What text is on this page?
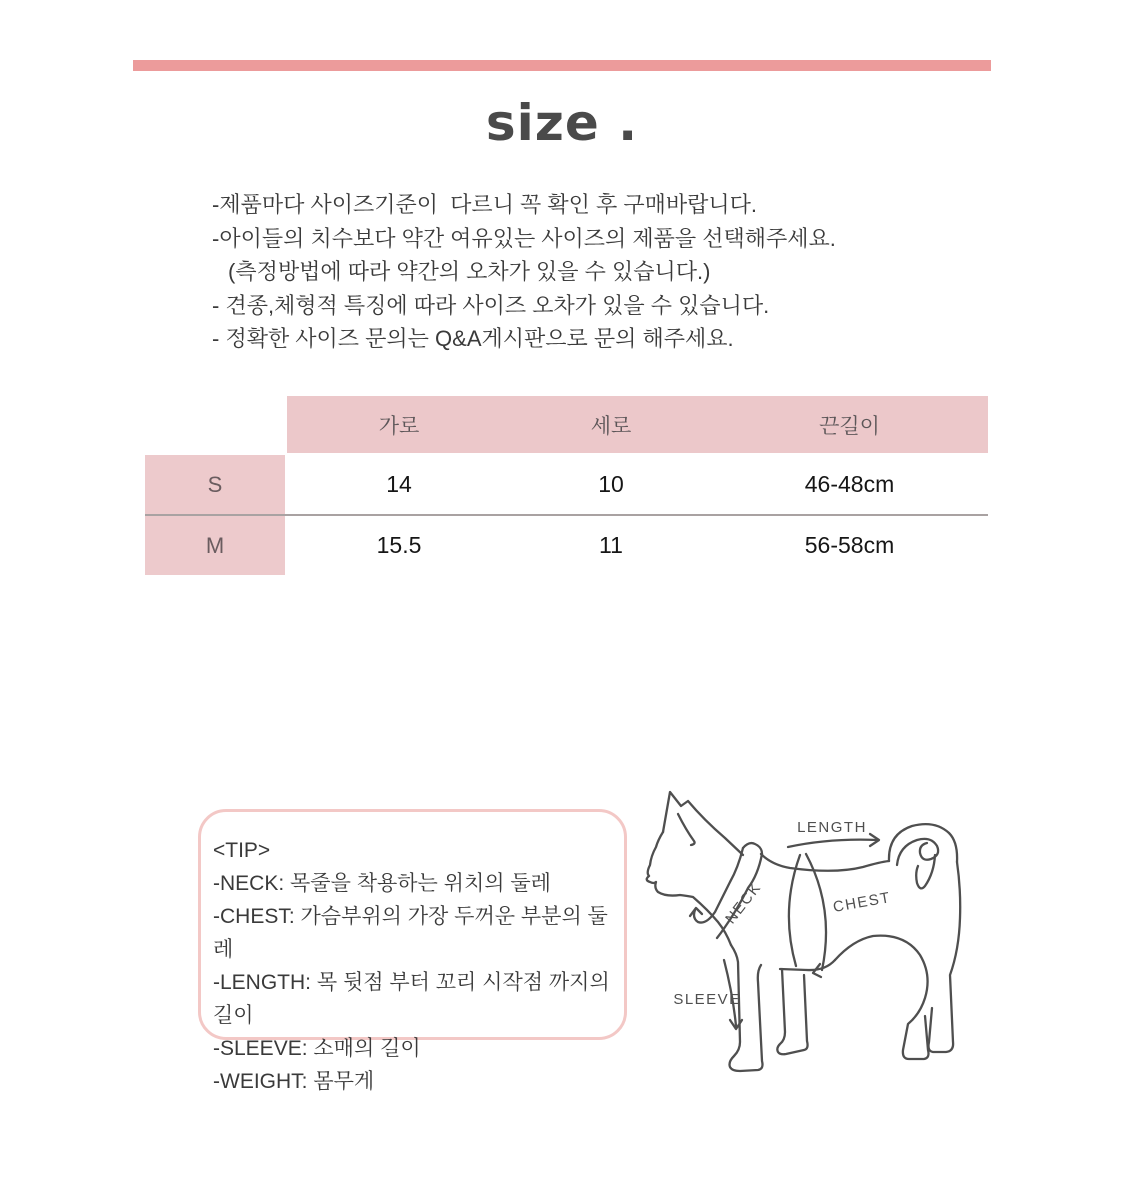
size .
-제품마다 사이즈기준이  다르니 꼭 확인 후 구매바랍니다.
-아이들의 치수보다 약간 여유있는 사이즈의 제품을 선택해주세요.
(측정방법에 따라 약간의 오차가 있을 수 있습니다.)
- 견종,체형적 특징에 따라 사이즈 오차가 있을 수 있습니다.
- 정확한 사이즈 문의는 Q&A게시판으로 문의 해주세요.
가로	세로	끈길이
S	14	10	46-48cm
M	15.5	11	56-58cm
<TIP>
-NECK: 목줄을 착용하는 위치의 둘레
-CHEST: 가슴부위의 가장 두꺼운 부분의 둘레
-LENGTH: 목 뒷점 부터 꼬리 시작점 까지의 길이
-SLEEVE: 소매의 길이
-WEIGHT: 몸무게
LENGTH
NECK	CHEST
SLEEVE
